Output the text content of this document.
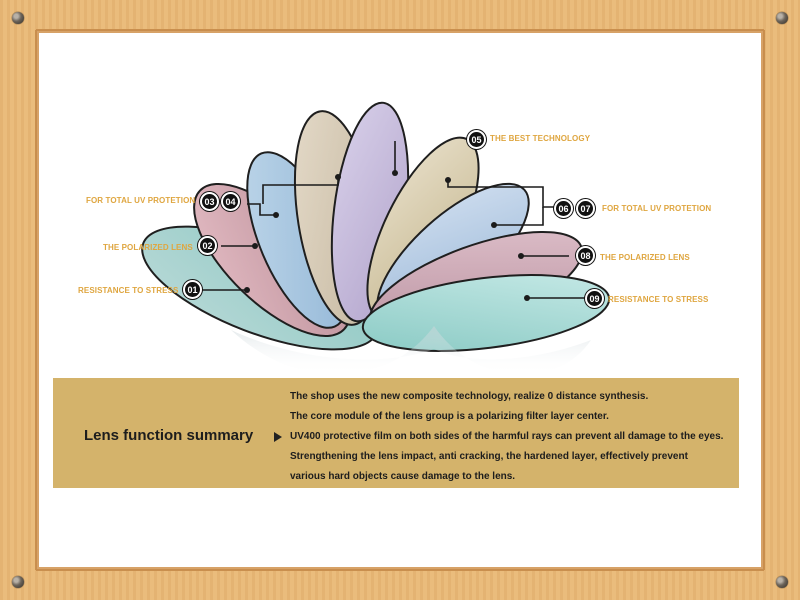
FOR TOTAL UV PROTETION
THE POLARIZED LENS
RESISTANCE TO STRESS
THE BEST TECHNOLOGY
FOR TOTAL UV PROTETION
THE POLARIZED LENS
RESISTANCE TO STRESS
01
02
03 04
05
06 07
08
09
Lens function summary
The shop uses the new composite technology, realize 0 distance synthesis.
The core module of the lens group is a polarizing filter layer center.
UV400 protective film on both sides of the harmful rays can prevent all damage to the eyes.
Strengthening the lens impact, anti cracking, the hardened layer, effectively prevent
various hard objects cause damage to the lens.
